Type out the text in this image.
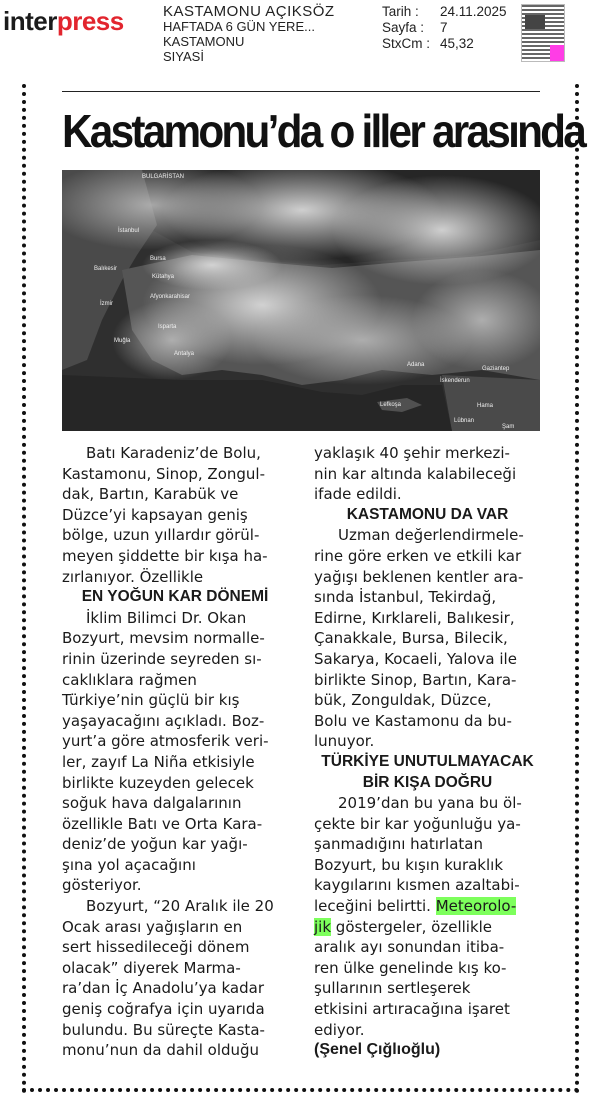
interpress	KASTAMONU AÇIKSÖZ
HAFTADA 6 GÜN YERE...
KASTAMONU
SIYASİ
Tarih :	24.11.2025
Sayfa :	7
StxCm : 45,32
Kastamonu’da o iller arasında
BULGARİSTAN
İstanbul
Bursa
Balıkesir
Kütahya
İzmir
Afyonkarahisar
Isparta
Antalya
Muğla
Lefkoşa	Hama
Lübnan
Gaziantep
İskenderun
Adana
Şam
Batı Karadeniz’de Bolu,
Kastamonu, Sinop, Zongul-
dak, Bartın, Karabük ve
Düzce’yi kapsayan geniş
bölge, uzun yıllardır görül-
meyen şiddette bir kışa ha-
zırlanıyor. Özellikle
EN YOĞUN KAR DÖNEMİ
İklim Bilimci Dr. Okan
Bozyurt, mevsim normalle-
rinin üzerinde seyreden sı-
caklıklara rağmen
Türkiye’nin güçlü bir kış
yaşayacağını açıkladı. Boz-
yurt’a göre atmosferik veri-
ler, zayıf La Niña etkisiyle
birlikte kuzeyden gelecek
soğuk hava dalgalarının
özellikle Batı ve Orta Kara-
deniz’de yoğun kar yağı-
şına yol açacağını
gösteriyor.
Bozyurt, “20 Aralık ile 20
Ocak arası yağışların en
sert hissedileceği dönem
olacak” diyerek Marma-
ra’dan İç Anadolu’ya kadar
geniş coğrafya için uyarıda
bulundu. Bu süreçte Kasta-
monu’nun da dahil olduğu
yaklaşık 40 şehir merkezi-
nin kar altında kalabileceği
ifade edildi.
KASTAMONU DA VAR
Uzman değerlendirmele-
rine göre erken ve etkili kar
yağışı beklenen kentler ara-
sında İstanbul, Tekirdağ,
Edirne, Kırklareli, Balıkesir,
Çanakkale, Bursa, Bilecik,
Sakarya, Kocaeli, Yalova ile
birlikte Sinop, Bartın, Kara-
bük, Zonguldak, Düzce,
Bolu ve Kastamonu da bu-
lunuyor.
TÜRKİYE UNUTULMAYACAK
BİR KIŞA DOĞRU
2019’dan bu yana bu öl-
çekte bir kar yoğunluğu ya-
şanmadığını hatırlatan
Bozyurt, bu kışın kuraklık
kaygılarını kısmen azaltabi-
leceğini belirtti. Meteorolo-
jik göstergeler, özellikle
aralık ayı sonundan itiba-
ren ülke genelinde kış ko-
şullarının sertleşerek
etkisini artıracağına işaret
ediyor.
(Şenel Çığlıoğlu)
